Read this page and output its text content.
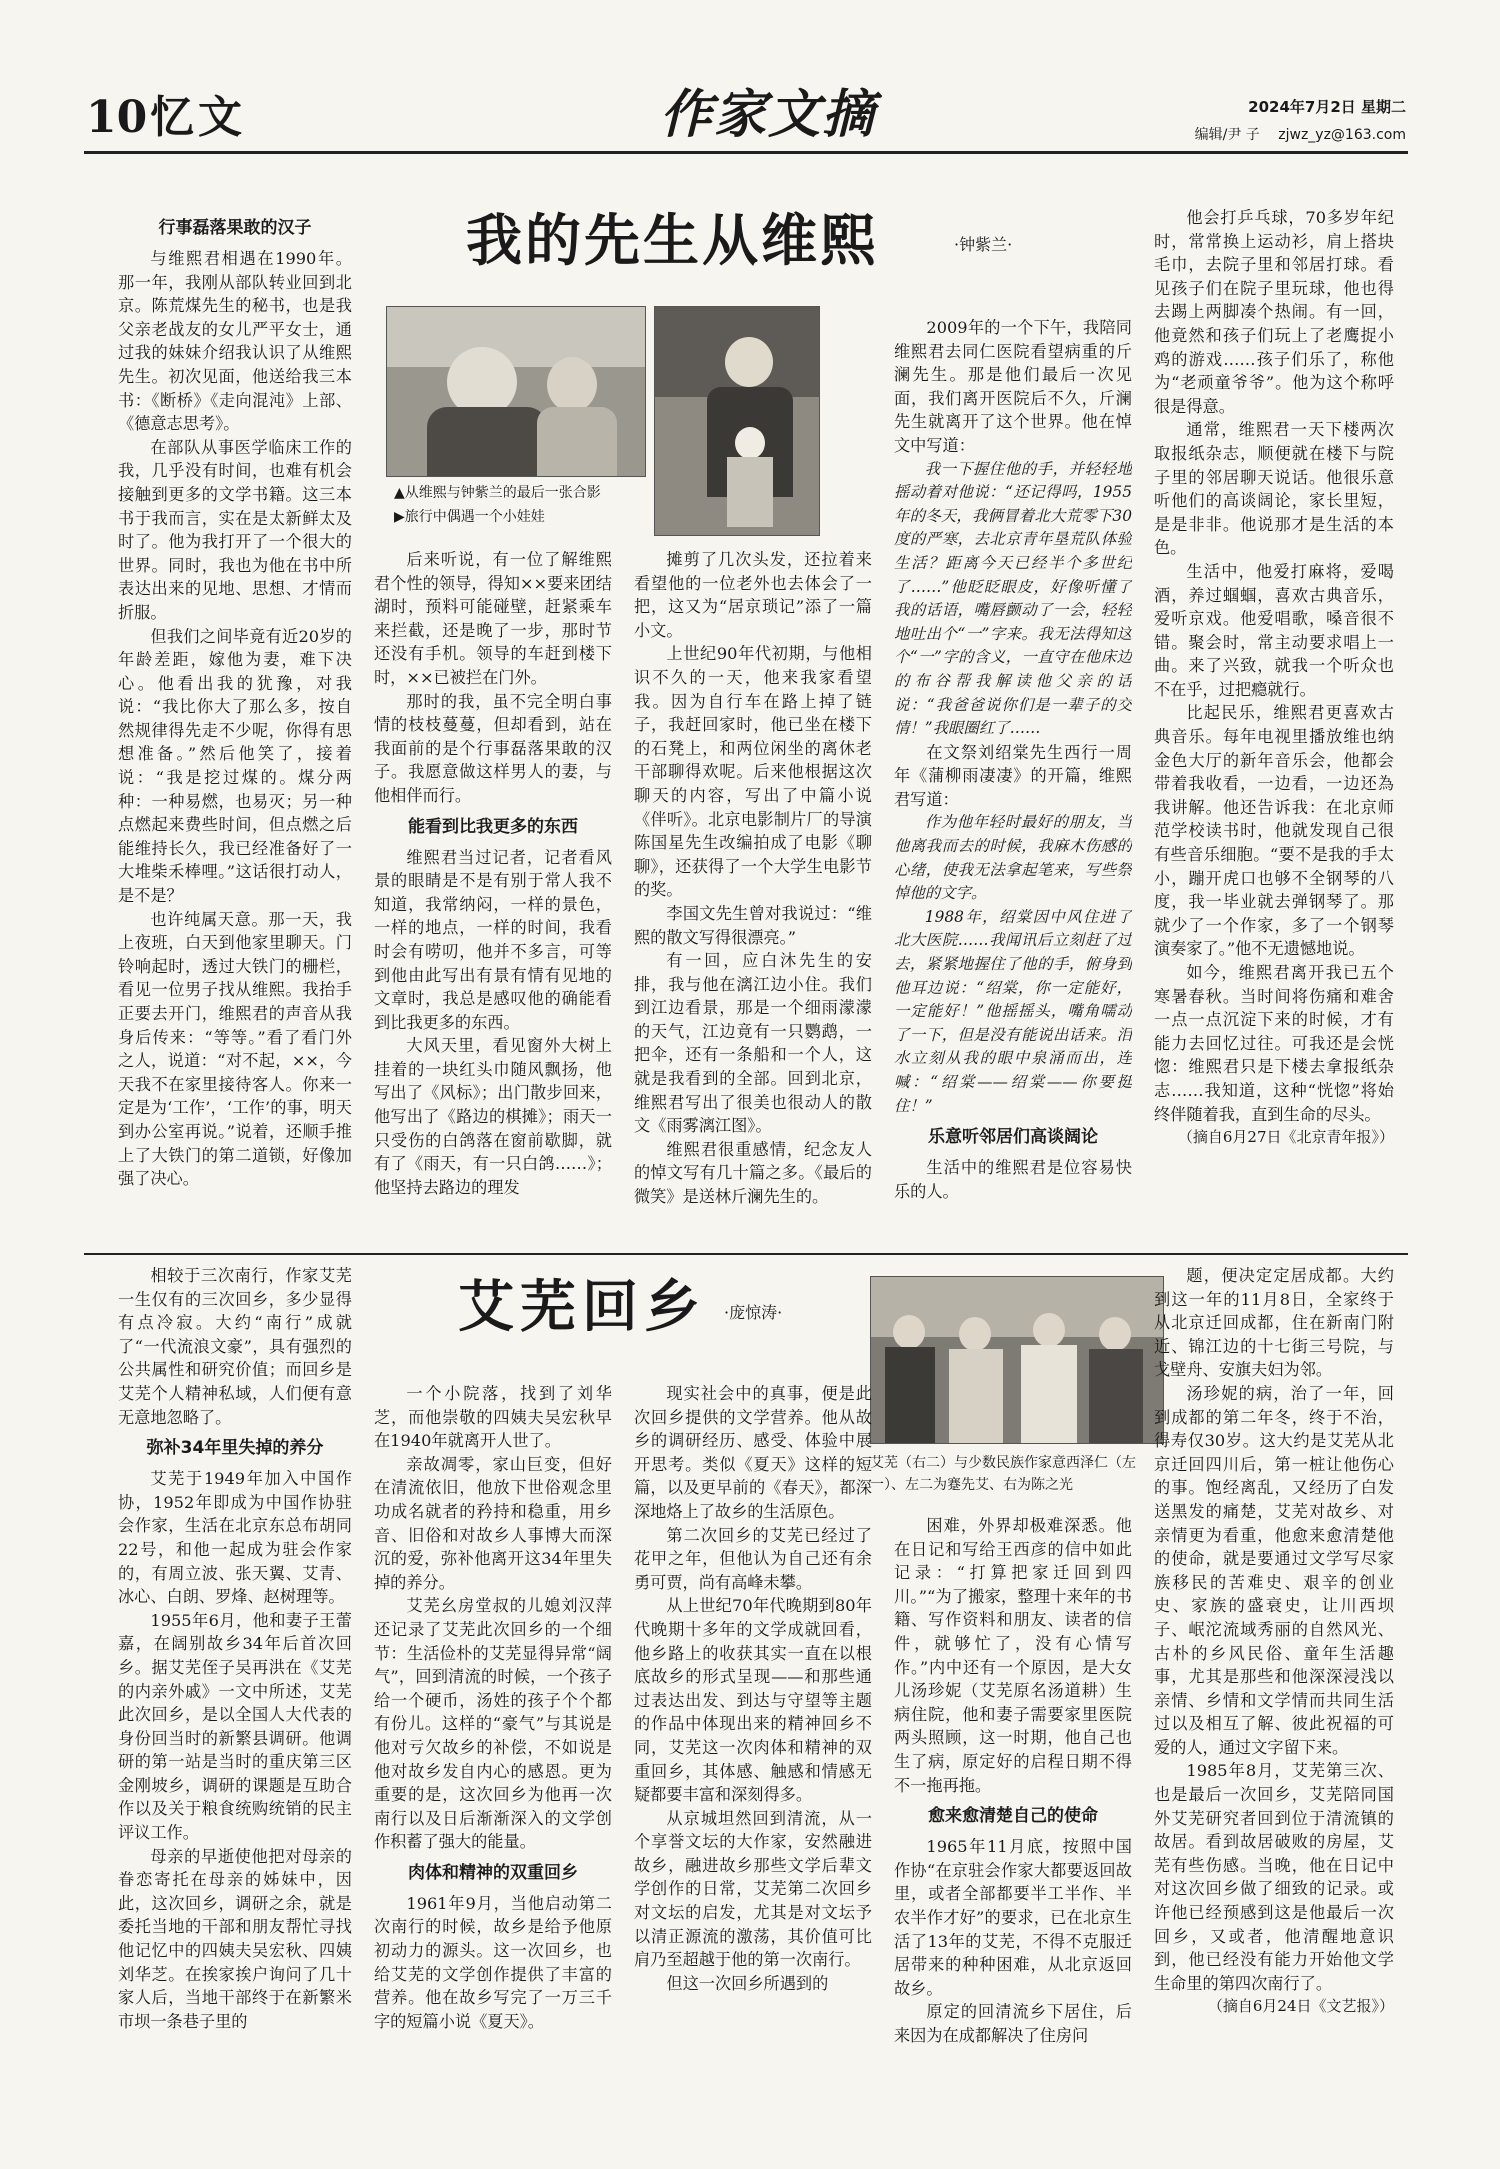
10 忆文	作家文摘	2024年7月2日 星期二
编辑/尹 子 zjwz_yz@163.com
我的先生从维熙	·钟紫兰·
▲从维熙与钟紫兰的最后一张合影
▶旅行中偶遇一个小娃娃
行事磊落果敢的汉子

与维熙君相遇在1990年。那一年，我刚从部队转业回到北京。陈荒煤先生的秘书，也是我父亲老战友的女儿严平女士，通过我的妹妹介绍我认识了从维熙先生。初次见面，他送给我三本书：《断桥》《走向混沌》上部、《德意志思考》。

在部队从事医学临床工作的我，几乎没有时间，也难有机会接触到更多的文学书籍。这三本书于我而言，实在是太新鲜太及时了。他为我打开了一个很大的世界。同时，我也为他在书中所表达出来的见地、思想、才情而折服。

但我们之间毕竟有近20岁的年龄差距，嫁他为妻，难下决心。他看出我的犹豫，对我说：“我比你大了那么多，按自然规律得先走不少呢，你得有思想准备。”然后他笑了，接着说：“我是挖过煤的。煤分两种：一种易燃，也易灭；另一种点燃起来费些时间，但点燃之后能维持长久，我已经准备好了一大堆柴禾棒哩。”这话很打动人，是不是？

也许纯属天意。那一天，我上夜班，白天到他家里聊天。门铃响起时，透过大铁门的栅栏，看见一位男子找从维熙。我抬手正要去开门，维熙君的声音从我身后传来：“等等。”看了看门外之人，说道：“对不起，××，今天我不在家里接待客人。你来一定是为‘工作’，‘工作’的事，明天到办公室再说。”说着，还顺手推上了大铁门的第二道锁，好像加强了决心。

后来听说，有一位了解维熙君个性的领导，得知××要来团结湖时，预料可能碰壁，赶紧乘车来拦截，还是晚了一步，那时节还没有手机。领导的车赶到楼下时，××已被拦在门外。

那时的我，虽不完全明白事情的枝枝蔓蔓，但却看到，站在我面前的是个行事磊落果敢的汉子。我愿意做这样男人的妻，与他相伴而行。

能看到比我更多的东西

维熙君当过记者，记者看风景的眼睛是不是有别于常人我不知道，我常纳闷，一样的景色，一样的地点，一样的时间，我看时会有唠叨，他并不多言，可等到他由此写出有景有情有见地的文章时，我总是感叹他的确能看到比我更多的东西。

大风天里，看见窗外大树上挂着的一块红头巾随风飘扬，他写出了《风标》；出门散步回来，他写出了《路边的棋摊》；雨天一只受伤的白鸽落在窗前歇脚，就有了《雨天，有一只白鸽……》；他坚持去路边的理发

摊剪了几次头发，还拉着来看望他的一位老外也去体会了一把，这又为“居京琐记”添了一篇小文。

上世纪90年代初期，与他相识不久的一天，他来我家看望我。因为自行车在路上掉了链子，我赶回家时，他已坐在楼下的石凳上，和两位闲坐的离休老干部聊得欢呢。后来他根据这次聊天的内容，写出了中篇小说《伴听》。北京电影制片厂的导演陈国星先生改编拍成了电影《聊聊》，还获得了一个大学生电影节的奖。

李国文先生曾对我说过：“维熙的散文写得很漂亮。”

有一回，应白沐先生的安排，我与他在漓江边小住。我们到江边看景，那是一个细雨濛濛的天气，江边竟有一只鹦鹉，一把伞，还有一条船和一个人，这就是我看到的全部。回到北京，维熙君写出了很美也很动人的散文《雨雾漓江图》。

维熙君很重感情，纪念友人的悼文写有几十篇之多。《最后的微笑》是送林斤澜先生的。

2009年的一个下午，我陪同维熙君去同仁医院看望病重的斤澜先生。那是他们最后一次见面，我们离开医院后不久，斤澜先生就离开了这个世界。他在悼文中写道：

我一下握住他的手，并轻轻地摇动着对他说：“还记得吗，1955年的冬天，我俩冒着北大荒零下30度的严寒，去北京青年垦荒队体验生活？距离今天已经半个多世纪了……”他眨眨眼皮，好像听懂了我的话语，嘴唇颤动了一会，轻轻地吐出个“一”字来。我无法得知这个“一”字的含义，一直守在他床边的布谷帮我解读他父亲的话说：“我爸爸说你们是一辈子的交情！”我眼圈红了……

在文祭刘绍棠先生西行一周年《蒲柳雨凄凄》的开篇，维熙君写道：

作为他年轻时最好的朋友，当他离我而去的时候，我麻木伤感的心绪，使我无法拿起笔来，写些祭悼他的文字。

1988年，绍棠因中风住进了北大医院……我闻讯后立刻赶了过去，紧紧地握住了他的手，俯身到他耳边说：“绍棠，你一定能好，一定能好！”他摇摇头，嘴角嚅动了一下，但是没有能说出话来。泪水立刻从我的眼中泉涌而出，连喊：“绍棠——绍棠——你要挺住！”

乐意听邻居们高谈阔论

生活中的维熙君是位容易快乐的人。

他会打乒乓球，70多岁年纪时，常常换上运动衫，肩上搭块毛巾，去院子里和邻居打球。看见孩子们在院子里玩球，他也得去踢上两脚凑个热闹。有一回，他竟然和孩子们玩上了老鹰捉小鸡的游戏……孩子们乐了，称他为“老顽童爷爷”。他为这个称呼很是得意。

通常，维熙君一天下楼两次取报纸杂志，顺便就在楼下与院子里的邻居聊天说话。他很乐意听他们的高谈阔论，家长里短，是是非非。他说那才是生活的本色。

生活中，他爱打麻将，爱喝酒，养过蝈蝈，喜欢古典音乐，爱听京戏。他爱唱歌，嗓音很不错。聚会时，常主动要求唱上一曲。来了兴致，就我一个听众也不在乎，过把瘾就行。

比起民乐，维熙君更喜欢古典音乐。每年电视里播放维也纳金色大厅的新年音乐会，他都会带着我收看，一边看，一边还為我讲解。他还告诉我：在北京师范学校读书时，他就发现自己很有些音乐细胞。“要不是我的手太小，蹦开虎口也够不全钢琴的八度，我一毕业就去弹钢琴了。那就少了一个作家，多了一个钢琴演奏家了。”他不无遗憾地说。

如今，维熙君离开我已五个寒暑春秋。当时间将伤痛和难舍一点一点沉淀下来的时候，才有能力去回忆过往。可我还是会恍惚：维熙君只是下楼去拿报纸杂志……我知道，这种“恍惚”将始终伴随着我，直到生命的尽头。

（摘自6月27日《北京青年报》）

艾芜回乡 ·庞惊涛·
艾芜（右二）与少数民族作家意西泽仁（左一）、左二为蹇先艾、右为陈之光

相较于三次南行，作家艾芜一生仅有的三次回乡，多少显得有点冷寂。大约“南行”成就了“一代流浪文豪”，具有强烈的公共属性和研究价值；而回乡是艾芜个人精神私域，人们便有意无意地忽略了。

弥补34年里失掉的养分

艾芜于1949年加入中国作协，1952年即成为中国作协驻会作家，生活在北京东总布胡同22号，和他一起成为驻会作家的，有周立波、张天翼、艾青、冰心、白朗、罗烽、赵树理等。

1955年6月，他和妻子王蕾嘉，在阔别故乡34年后首次回乡。据艾芜侄子吴再洪在《艾芜的内亲外戚》一文中所述，艾芜此次回乡，是以全国人大代表的身份回当时的新繁县调研。他调研的第一站是当时的重庆第三区金刚坡乡，调研的课题是互助合作以及关于粮食统购统销的民主评议工作。

母亲的早逝使他把对母亲的眷恋寄托在母亲的姊妹中，因此，这次回乡，调研之余，就是委托当地的干部和朋友帮忙寻找他记忆中的四姨夫吴宏秋、四姨刘华芝。在挨家挨户询问了几十家人后，当地干部终于在新繁米市坝一条巷子里的

一个小院落，找到了刘华芝，而他崇敬的四姨夫吴宏秋早在1940年就离开人世了。

亲故凋零，家山巨变，但好在清流依旧，他放下世俗观念里功成名就者的矜持和稳重，用乡音、旧俗和对故乡人事博大而深沉的爱，弥补他离开这34年里失掉的养分。

艾芜幺房堂叔的儿媳刘汉萍还记录了艾芜此次回乡的一个细节：生活俭朴的艾芜显得异常“阔气”，回到清流的时候，一个孩子给一个硬币，汤姓的孩子个个都有份儿。这样的“豪气”与其说是他对亏欠故乡的补偿，不如说是他对故乡发自内心的感恩。更为重要的是，这次回乡为他再一次南行以及日后渐渐深入的文学创作积蓄了强大的能量。

肉体和精神的双重回乡

1961年9月，当他启动第二次南行的时候，故乡是给予他原初动力的源头。这一次回乡，也给艾芜的文学创作提供了丰富的营养。他在故乡写完了一万三千字的短篇小说《夏天》。

现实社会中的真事，便是此次回乡提供的文学营养。他从故乡的调研经历、感受、体验中展开思考。类似《夏天》这样的短篇，以及更早前的《春天》，都深深地烙上了故乡的生活原色。

第二次回乡的艾芜已经过了花甲之年，但他认为自己还有余勇可贾，尚有高峰未攀。

从上世纪70年代晚期到80年代晚期十多年的文学成就回看，他乡路上的收获其实一直在以根底故乡的形式呈现——和那些通过表达出发、到达与守望等主题的作品中体现出来的精神回乡不同，艾芜这一次肉体和精神的双重回乡，其体感、触感和情感无疑都要丰富和深刻得多。

从京城坦然回到清流，从一个享誉文坛的大作家，安然融进故乡，融进故乡那些文学后辈文学创作的日常，艾芜第二次回乡对文坛的启发，尤其是对文坛予以清正源流的激荡，其价值可比肩乃至超越于他的第一次南行。

但这一次回乡所遇到的

困难，外界却极难深悉。他在日记和写给王西彦的信中如此记录：“打算把家迁回到四川。”“为了搬家，整理十来年的书籍、写作资料和朋友、读者的信件，就够忙了，没有心情写作。”内中还有一个原因，是大女儿汤珍妮（艾芜原名汤道耕）生病住院，他和妻子需要家里医院两头照顾，这一时期，他自己也生了病，原定好的启程日期不得不一拖再拖。

愈来愈清楚自己的使命

1965年11月底，按照中国作协“在京驻会作家大都要返回故里，或者全部都要半工半作、半农半作才好”的要求，已在北京生活了13年的艾芜，不得不克服迁居带来的种种困难，从北京返回故乡。

原定的回清流乡下居住，后来因为在成都解决了住房问

题，便决定定居成都。大约到这一年的11月8日，全家终于从北京迁回成都，住在新南门附近、锦江边的十七街三号院，与戈壁舟、安旗夫妇为邻。

汤珍妮的病，治了一年，回到成都的第二年冬，终于不治，得寿仅30岁。这大约是艾芜从北京迁回四川后，第一桩让他伤心的事。饱经离乱，又经历了白发送黑发的痛楚，艾芜对故乡、对亲情更为看重，他愈来愈清楚他的使命，就是要通过文学写尽家族移民的苦难史、艰辛的创业史、家族的盛衰史，让川西坝子、岷沱流域秀丽的自然风光、古朴的乡风民俗、童年生活趣事，尤其是那些和他深深浸浅以亲情、乡情和文学情而共同生活过以及相互了解、彼此祝福的可爱的人，通过文字留下来。

1985年8月，艾芜第三次、也是最后一次回乡，艾芜陪同国外艾芜研究者回到位于清流镇的故居。看到故居破败的房屋，艾芜有些伤感。当晚，他在日记中对这次回乡做了细致的记录。或许他已经预感到这是他最后一次回乡，又或者，他清醒地意识到，他已经没有能力开始他文学生命里的第四次南行了。

（摘自6月24日《文艺报》）
